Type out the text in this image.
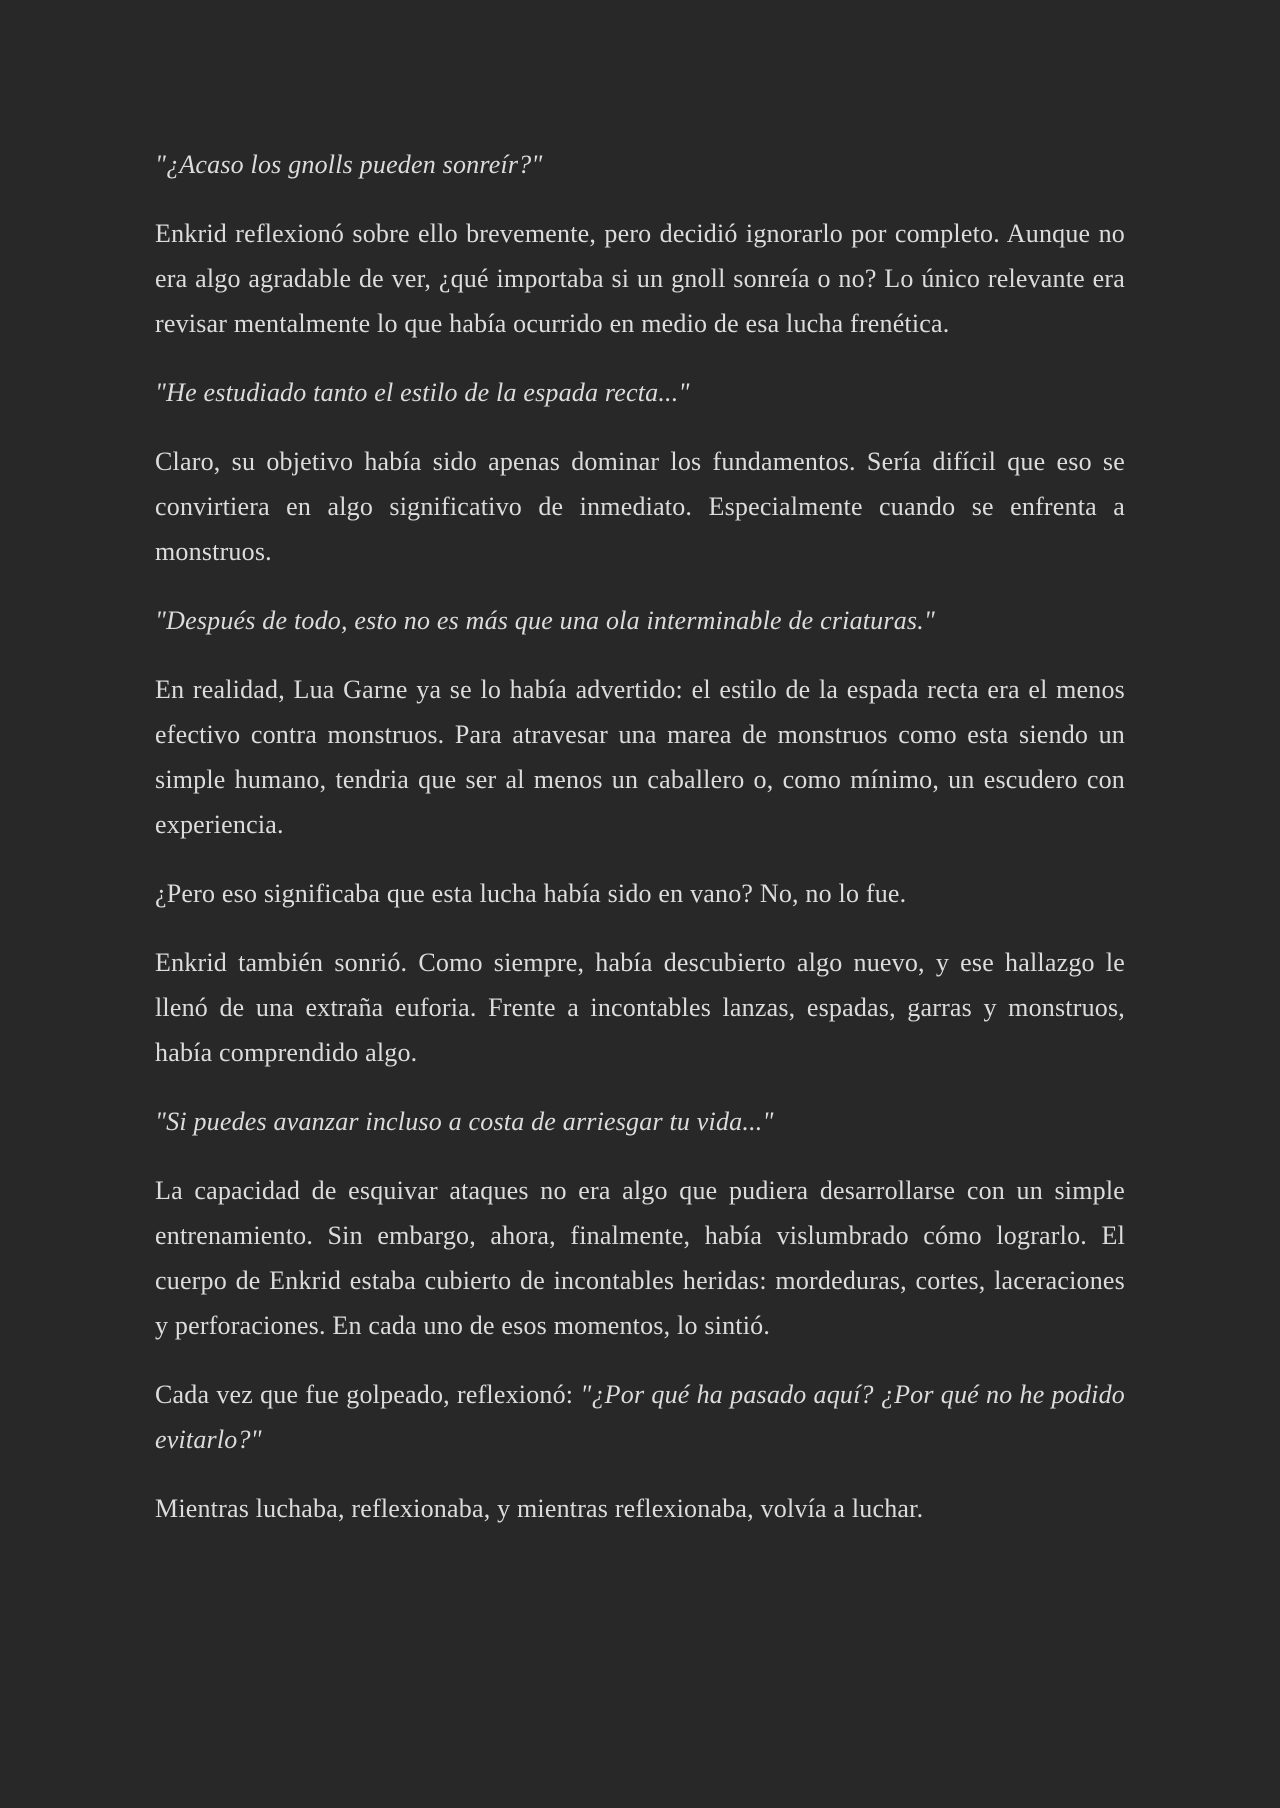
"¿Acaso los gnolls pueden sonreír?"

Enkrid reflexionó sobre ello brevemente, pero decidió ignorarlo por completo. Aunque no era algo agradable de ver, ¿qué importaba si un gnoll sonreía o no? Lo único relevante era revisar mentalmente lo que había ocurrido en medio de esa lucha frenética.

"He estudiado tanto el estilo de la espada recta..."

Claro, su objetivo había sido apenas dominar los fundamentos. Sería difícil que eso se convirtiera en algo significativo de inmediato. Especialmente cuando se enfrenta a monstruos.

"Después de todo, esto no es más que una ola interminable de criaturas."

En realidad, Lua Garne ya se lo había advertido: el estilo de la espada recta era el menos efectivo contra monstruos. Para atravesar una marea de monstruos como esta siendo un simple humano, tendria que ser al menos un caballero o, como mínimo, un escudero con experiencia.

¿Pero eso significaba que esta lucha había sido en vano? No, no lo fue.

Enkrid también sonrió. Como siempre, había descubierto algo nuevo, y ese hallazgo le llenó de una extraña euforia. Frente a incontables lanzas, espadas, garras y monstruos, había comprendido algo.

"Si puedes avanzar incluso a costa de arriesgar tu vida..."

La capacidad de esquivar ataques no era algo que pudiera desarrollarse con un simple entrenamiento. Sin embargo, ahora, finalmente, había vislumbrado cómo lograrlo. El cuerpo de Enkrid estaba cubierto de incontables heridas: mordeduras, cortes, laceraciones y perforaciones. En cada uno de esos momentos, lo sintió.

Cada vez que fue golpeado, reflexionó: "¿Por qué ha pasado aquí? ¿Por qué no he podido evitarlo?"

Mientras luchaba, reflexionaba, y mientras reflexionaba, volvía a luchar.
